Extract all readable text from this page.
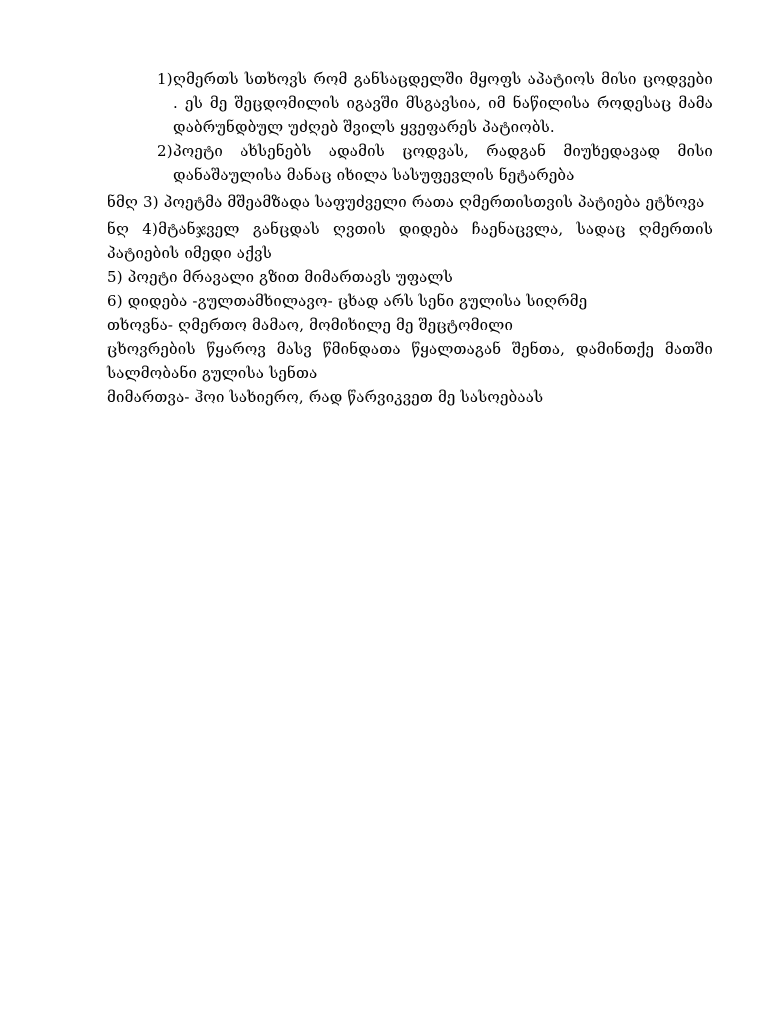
1) ღმერთს სთხოვს რომ განსაცდელში მყოფს აპატიოს მისი ცოდვები . ეს მე შეცდომილის იგავში მსგავსია, იმ ნაწილისა როდესაც მამა დაბრუნდბულ უძღებ შვილს ყვეფარეს პატიობს.
2) პოეტი ახსენებს ადამის ცოდვას, რადგან მიუხედავად მისი დანაშაულისა მანაც იხილა სასუფევლის ნეტარება

ნმღ 3) პოეტმა მშეამზადა საფუძველი რათა ღმერთისთვის პატიება ეტხოვა

ნღ 4)მტანჯველ განცდას ღვთის დიდება ჩაენაცვლა, სადაც ღმერთის პატიების იმედი აქვს

5) პოეტი მრავალი გზით მიმართავს უფალს

6) დიდება -გულთამხილავო- ცხად არს სენი გულისა სიღრმე

თხოვნა- ღმერთო მამაო, მომიხილე მე შეცტომილი

ცხოვრების წყაროვ მასვ წმინდათა წყალთაგან შენთა, დამინთქე მათში სალმობანი გულისა სენთა

მიმართვა- ჰოი სახიერო, რად წარვიკვეთ მე სასოებაას
